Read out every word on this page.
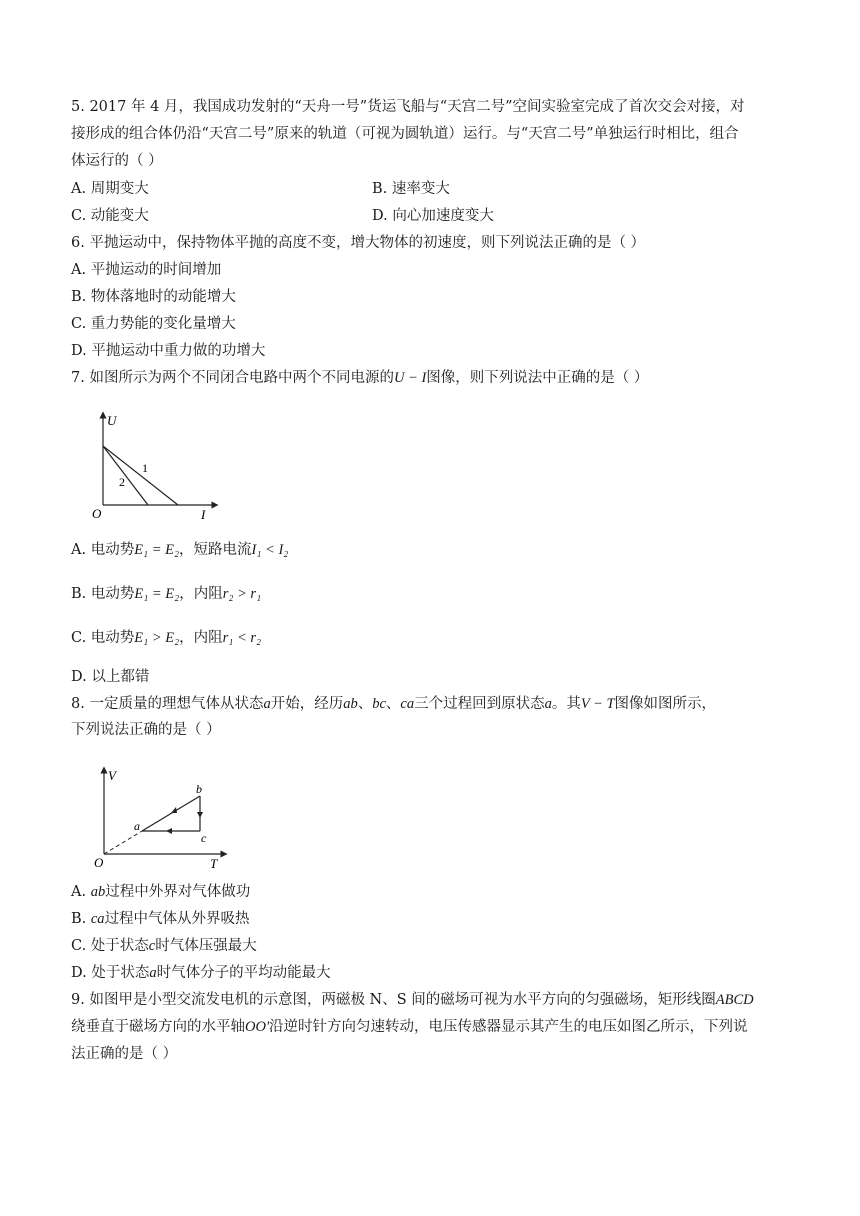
5. 2017 年 4 月，我国成功发射的“天舟一号”货运飞船与“天宫二号”空间实验室完成了首次交会对接，对
接形成的组合体仍沿“天宫二号”原来的轨道（可视为圆轨道）运行。与“天宫二号”单独运行时相比，组合
体运行的（ ）
A. 周期变大	B. 速率变大
C. 动能变大	D. 向心加速度变大
6. 平抛运动中，保持物体平抛的高度不变，增大物体的初速度，则下列说法正确的是（ ）
A. 平抛运动的时间增加
B. 物体落地时的动能增大
C. 重力势能的变化量增大
D. 平抛运动中重力做的功增大
7. 如图所示为两个不同闭合电路中两个不同电源的U − I图像，则下列说法中正确的是（ ）
U
I
O
1
2
A. 电动势E₁ = E₂，短路电流I₁ < I₂
B. 电动势E₁ = E₂，内阻r₂ > r₁
C. 电动势E₁ > E₂，内阻r₁ < r₂
D. 以上都错
8. 一定质量的理想气体从状态a开始，经历ab、bc、ca三个过程回到原状态a。其V − T图像如图所示，
下列说法正确的是（ ）
V
T
O
a
b
c
A. ab过程中外界对气体做功
B. ca过程中气体从外界吸热
C. 处于状态c时气体压强最大
D. 处于状态a时气体分子的平均动能最大
9. 如图甲是小型交流发电机的示意图，两磁极 N、S 间的磁场可视为水平方向的匀强磁场，矩形线圈ABCD
绕垂直于磁场方向的水平轴OO'沿逆时针方向匀速转动，电压传感器显示其产生的电压如图乙所示，下列说
法正确的是（ ）
